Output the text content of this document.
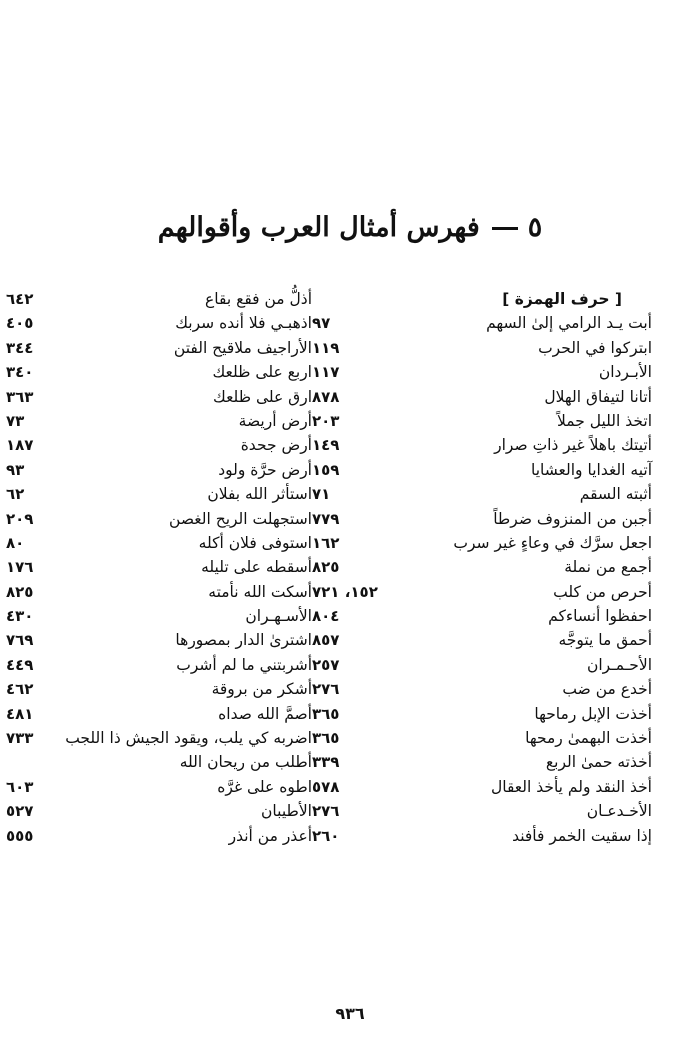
٥فهرس أمثال العرب وأقوالهم
[ حرف الهمزة ]
أبت يـد الرامي إلىٰ السهم
٩٧
ابتركوا في الحرب
١١٩
الأبـردان
١١٧
أتانا لتيفاق الهلال
٨٧٨
اتخذ الليل جملاً
٢٠٣
أتيتك باهلاً غير ذاتِ صرار
١٤٩
آتيه الغدايا والعشايا
١٥٩
أثبته السقم
٧١
أجبن من المنزوف ضرطاً
٧٧٩
اجعل سرَّك في وعاءٍ غير سرب
١٦٢
أجمع من نملة
٨٢٥
أحرص من كلب
١٥٢، ٧٢١
احفظوا أنساءكم
٨٠٤
أحمق ما يتوجَّه
٨٥٧
الأحـمـران
٢٥٧
أخدع من ضب
٢٧٦
أخذت الإبل رماحها
٣٦٥
أخذت البهمىٰ رمحها
٣٦٥
أخذته حمىٰ الربع
٣٣٩
أخذ النقد ولم يأخذ العقال
٥٧٨
الأخـدعـان
٢٧٦
إذا سقيت الخمر فأفند
٢٦٠
أذلُّ من فقع بقاع
٦٤٢
اذهبـي فلا أنده سربك
٤٠٥
الأراجيف ملاقيح الفتن
٣٤٤
اربع على ظلعك
٣٤٠
ارق على ظلعك
٣٦٣
أرض أريضة
٧٣
أرض جحدة
١٨٧
أرض حرَّة ولود
٩٣
استأثر الله بفلان
٦٢
استجهلت الريح الغصن
٢٠٩
استوفى فلان أكله
٨٠
أسقطه على تليله
١٧٦
أسكت الله نأمته
٨٢٥
الأسـهـران
٤٣٠
اشترىٰ الدار بمصورها
٧٦٩
أشربتني ما لم أشرب
٤٤٩
أشكر من بروقة
٤٦٢
أصمَّ الله صداه
٤٨١
اضربه كي يلب، ويقود الجيش ذا اللجب
٧٣٣
أطلب من ريحان الله
اطوه على غرَّه
٦٠٣
الأطيبان
٥٢٧
أعذر من أنذر
٥٥٥
٩٣٦
